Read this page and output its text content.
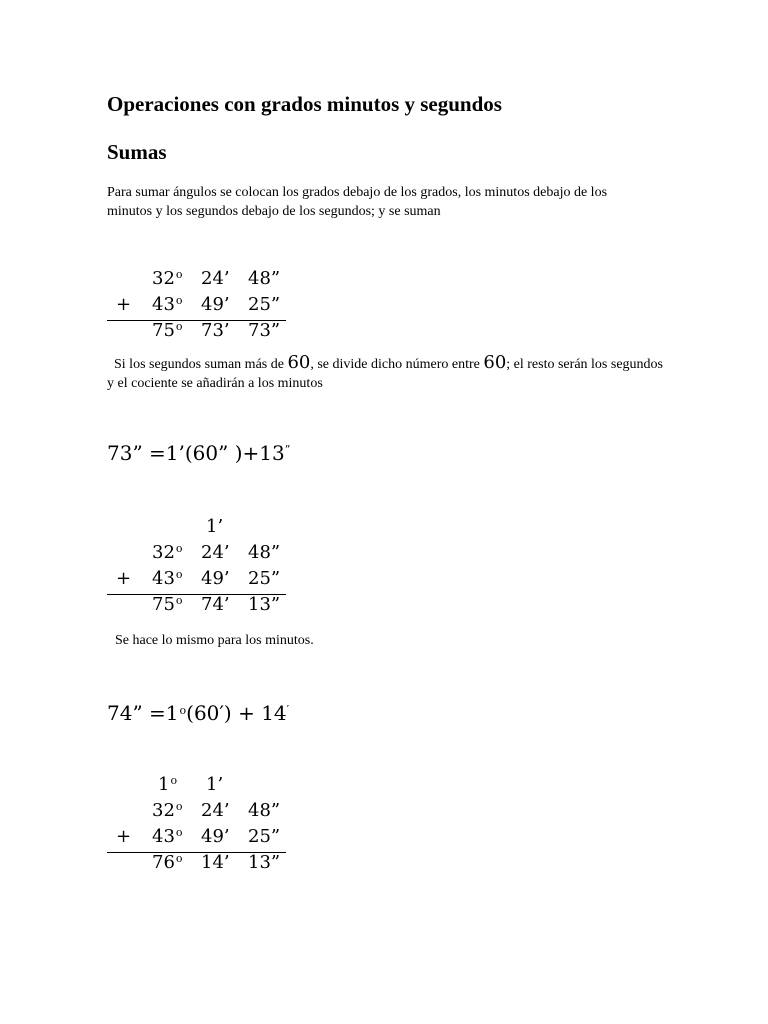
Operaciones con grados minutos y segundos
Sumas
Para sumar ángulos se colocan los grados debajo de los grados, los minutos debajo de los minutos y los segundos debajo de los segundos; y se suman
32$^o$ 24’ 48”
+ $43^o$ 49’ 25”
75$^o$ 73’ 73”
Si los segundos suman más de 60, se divide dicho número entre 60; el resto serán los segundos y el cociente se añadirán a los minutos
73” =1’(60” )+13”
1’
32$^o$ 24’ 48”
+ $43^o$ 49’ 25”
75$^o$ 74’ 13”
Se hace lo mismo para los minutos.
74” $=1^o(60') + 14'$
1$^o$ 1’
32$^o$ 24’ 48”
+ $43^o$ 49’ 25”
76$^o$ 14’ 13”
